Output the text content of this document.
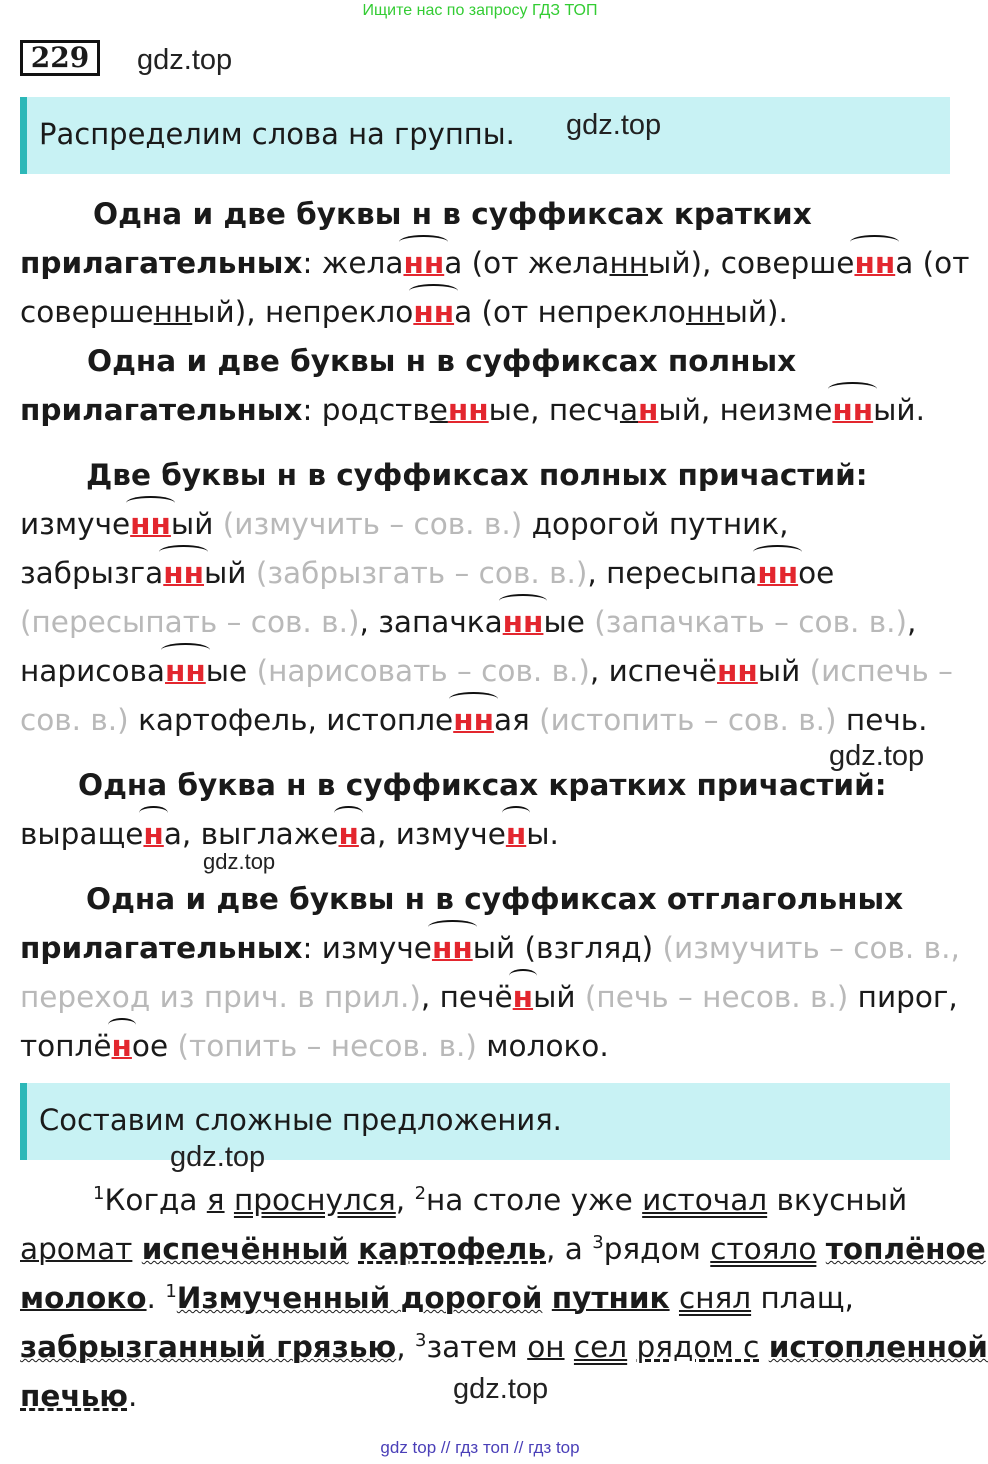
Ищите нас по запросу ГДЗ ТОП
229	gdz.top
Распределим слова на группы. gdz.top
Одна и две буквы н в суффиксах кратких
прилагательных: желанна (от желанный), совершенна (от
совершенный), непреклонна (от непреклонный).
Одна и две буквы н в суффиксах полных
прилагательных: родственные, песчаный, неизменный.
Две буквы н в суффиксах полных причастий:
измученный (измучить – сов. в.) дорогой путник,
забрызганный (забрызгать – сов. в.), пересыпанное
(пересыпать – сов. в.), запачканные (запачкать – сов. в.),
нарисованные (нарисовать – сов. в.), испечённый (испечь –
сов. в.) картофель, истопленная (истопить – сов. в.) печь.
gdz.top
Одна буква н в суффиксах кратких причастий:
выращена, выглажена, измучены.
gdz.top
Одна и две буквы н в суффиксах отглагольных
прилагательных: измученный (взгляд) (измучить – сов. в.,
переход из прич. в прил.), печёный (печь – несов. в.) пирог,
топлёное (топить – несов. в.) молоко.
Составим сложные предложения.
gdz.top
$^1$Когда я проснулся, $^2$на столе уже источал вкусный
аромат испечённый картофель, а $^3$рядом стояло топлёное
молоко. $^1$Измученный дорогой путник снял плащ,
забрызганный грязью, $^3$затем он сел рядом с истопленной
печью.	gdz.top
gdz top // гдз топ // гдз top
